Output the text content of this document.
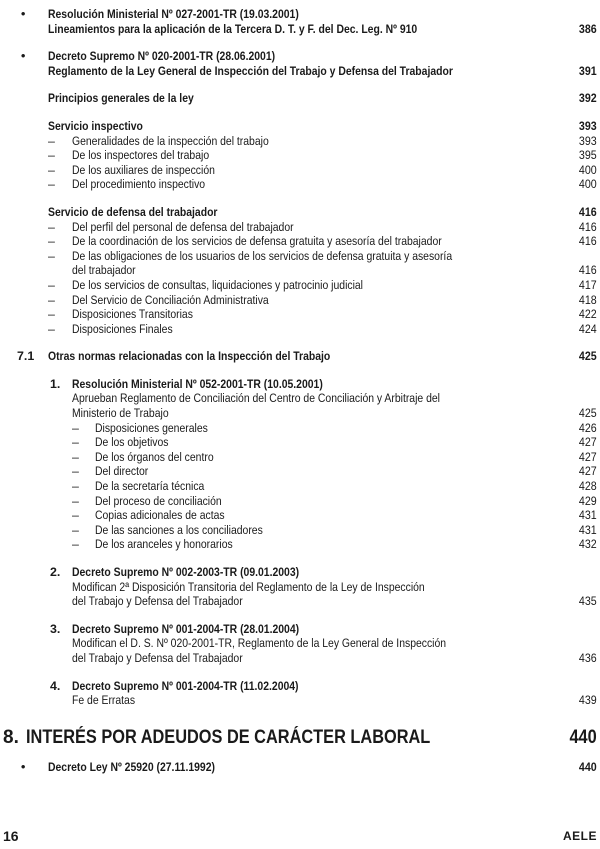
• Resolución Ministerial Nº 027-2001-TR (19.03.2001)
Lineamientos para la aplicación de la Tercera D. T. y F. del Dec. Leg. Nº 910	386
• Decreto Supremo Nº 020-2001-TR (28.06.2001)
Reglamento de la Ley General de Inspección del Trabajo y Defensa del Trabajador	391
Principios generales de la ley	392
Servicio inspectivo	393
– Generalidades de la inspección del trabajo	393
– De los inspectores del trabajo	395
– De los auxiliares de inspección	400
– Del procedimiento inspectivo	400
Servicio de defensa del trabajador	416
– Del perfil del personal de defensa del trabajador	416
– De la coordinación de los servicios de defensa gratuita y asesoría del trabajador	416
– De las obligaciones de los usuarios de los servicios de defensa gratuita y asesoría
del trabajador	416
– De los servicios de consultas, liquidaciones y patrocinio judicial	417
– Del Servicio de Conciliación Administrativa	418
– Disposiciones Transitorias	422
– Disposiciones Finales	424
7.1 Otras normas relacionadas con la Inspección del Trabajo	425
1. Resolución Ministerial Nº 052-2001-TR (10.05.2001)
Aprueban Reglamento de Conciliación del Centro de Conciliación y Arbitraje del
Ministerio de Trabajo	425
– Disposiciones generales	426
– De los objetivos	427
– De los órganos del centro	427
– Del director	427
– De la secretaría técnica	428
– Del proceso de conciliación	429
– Copias adicionales de actas	431
– De las sanciones a los conciliadores	431
– De los aranceles y honorarios	432
2. Decreto Supremo Nº 002-2003-TR (09.01.2003)
Modifican 2ª Disposición Transitoria del Reglamento de la Ley de Inspección
del Trabajo y Defensa del Trabajador	435
3. Decreto Supremo Nº 001-2004-TR (28.01.2004)
Modifican el D. S. Nº 020-2001-TR, Reglamento de la Ley General de Inspección
del Trabajo y Defensa del Trabajador	436
4. Decreto Supremo Nº 001-2004-TR (11.02.2004)
Fe de Erratas	439
8. INTERÉS POR ADEUDOS DE CARÁCTER LABORAL	440
• Decreto Ley Nº 25920 (27.11.1992)	440
16	AELE
